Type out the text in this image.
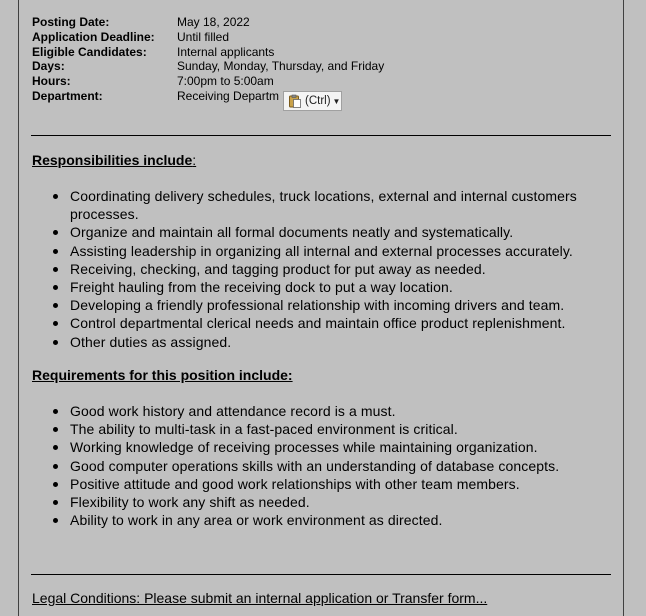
Posting Date:	May 18, 2022
Application Deadline:	Until filled
Eligible Candidates:	Internal applicants
Days:	Sunday, Monday, Thursday, and Friday
Hours:	7:00pm to 5:00am
Department:	Receiving Departm (Ctrl) ▼
Responsibilities include:
Coordinating delivery schedules, truck locations, external and internal customers processes.
Organize and maintain all formal documents neatly and systematically.
Assisting leadership in organizing all internal and external processes accurately.
Receiving, checking, and tagging product for put away as needed.
Freight hauling from the receiving dock to put a way location.
Developing a friendly professional relationship with incoming drivers and team.
Control departmental clerical needs and maintain office product replenishment.
Other duties as assigned.
Requirements for this position include:
Good work history and attendance record is a must.
The ability to multi-task in a fast-paced environment is critical.
Working knowledge of receiving processes while maintaining organization.
Good computer operations skills with an understanding of database concepts.
Positive attitude and good work relationships with other team members.
Flexibility to work any shift as needed.
Ability to work in any area or work environment as directed.
Legal Conditions: Please submit an internal application or Transfer form...
